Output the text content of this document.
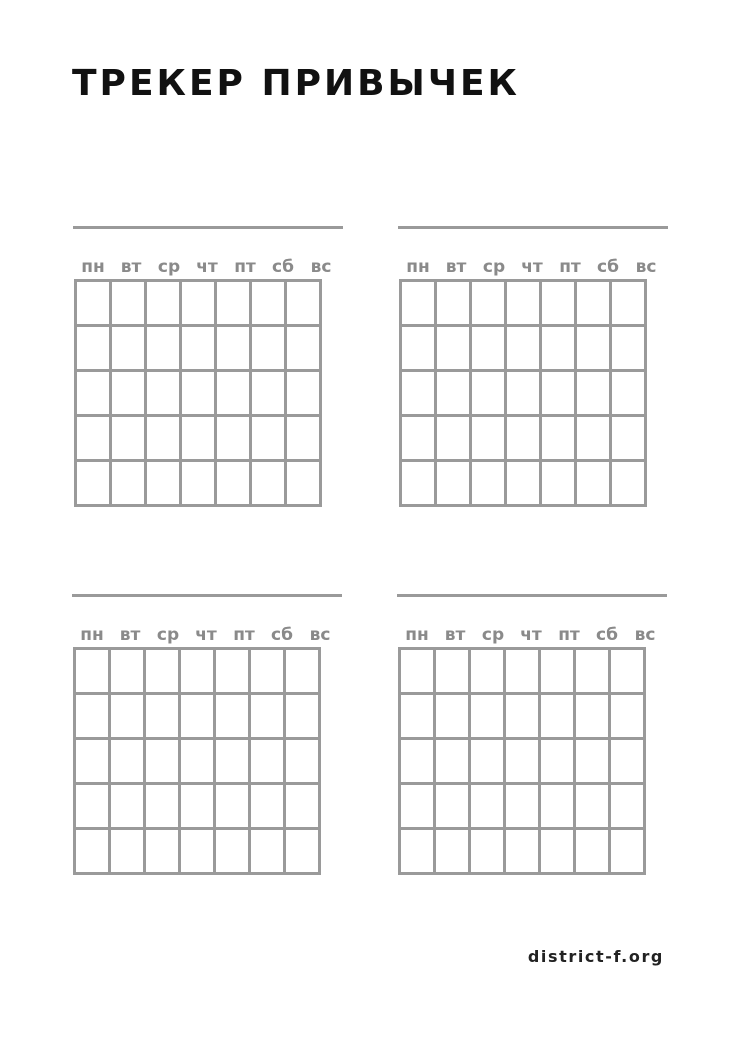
ТРЕКЕР ПРИВЫЧЕК
пн вт ср чт пт сб вс

							пн вт ср чт пт сб вс

пн вт ср чт пт сб вс

							пн вт ср чт пт сб вс

district-f.org
